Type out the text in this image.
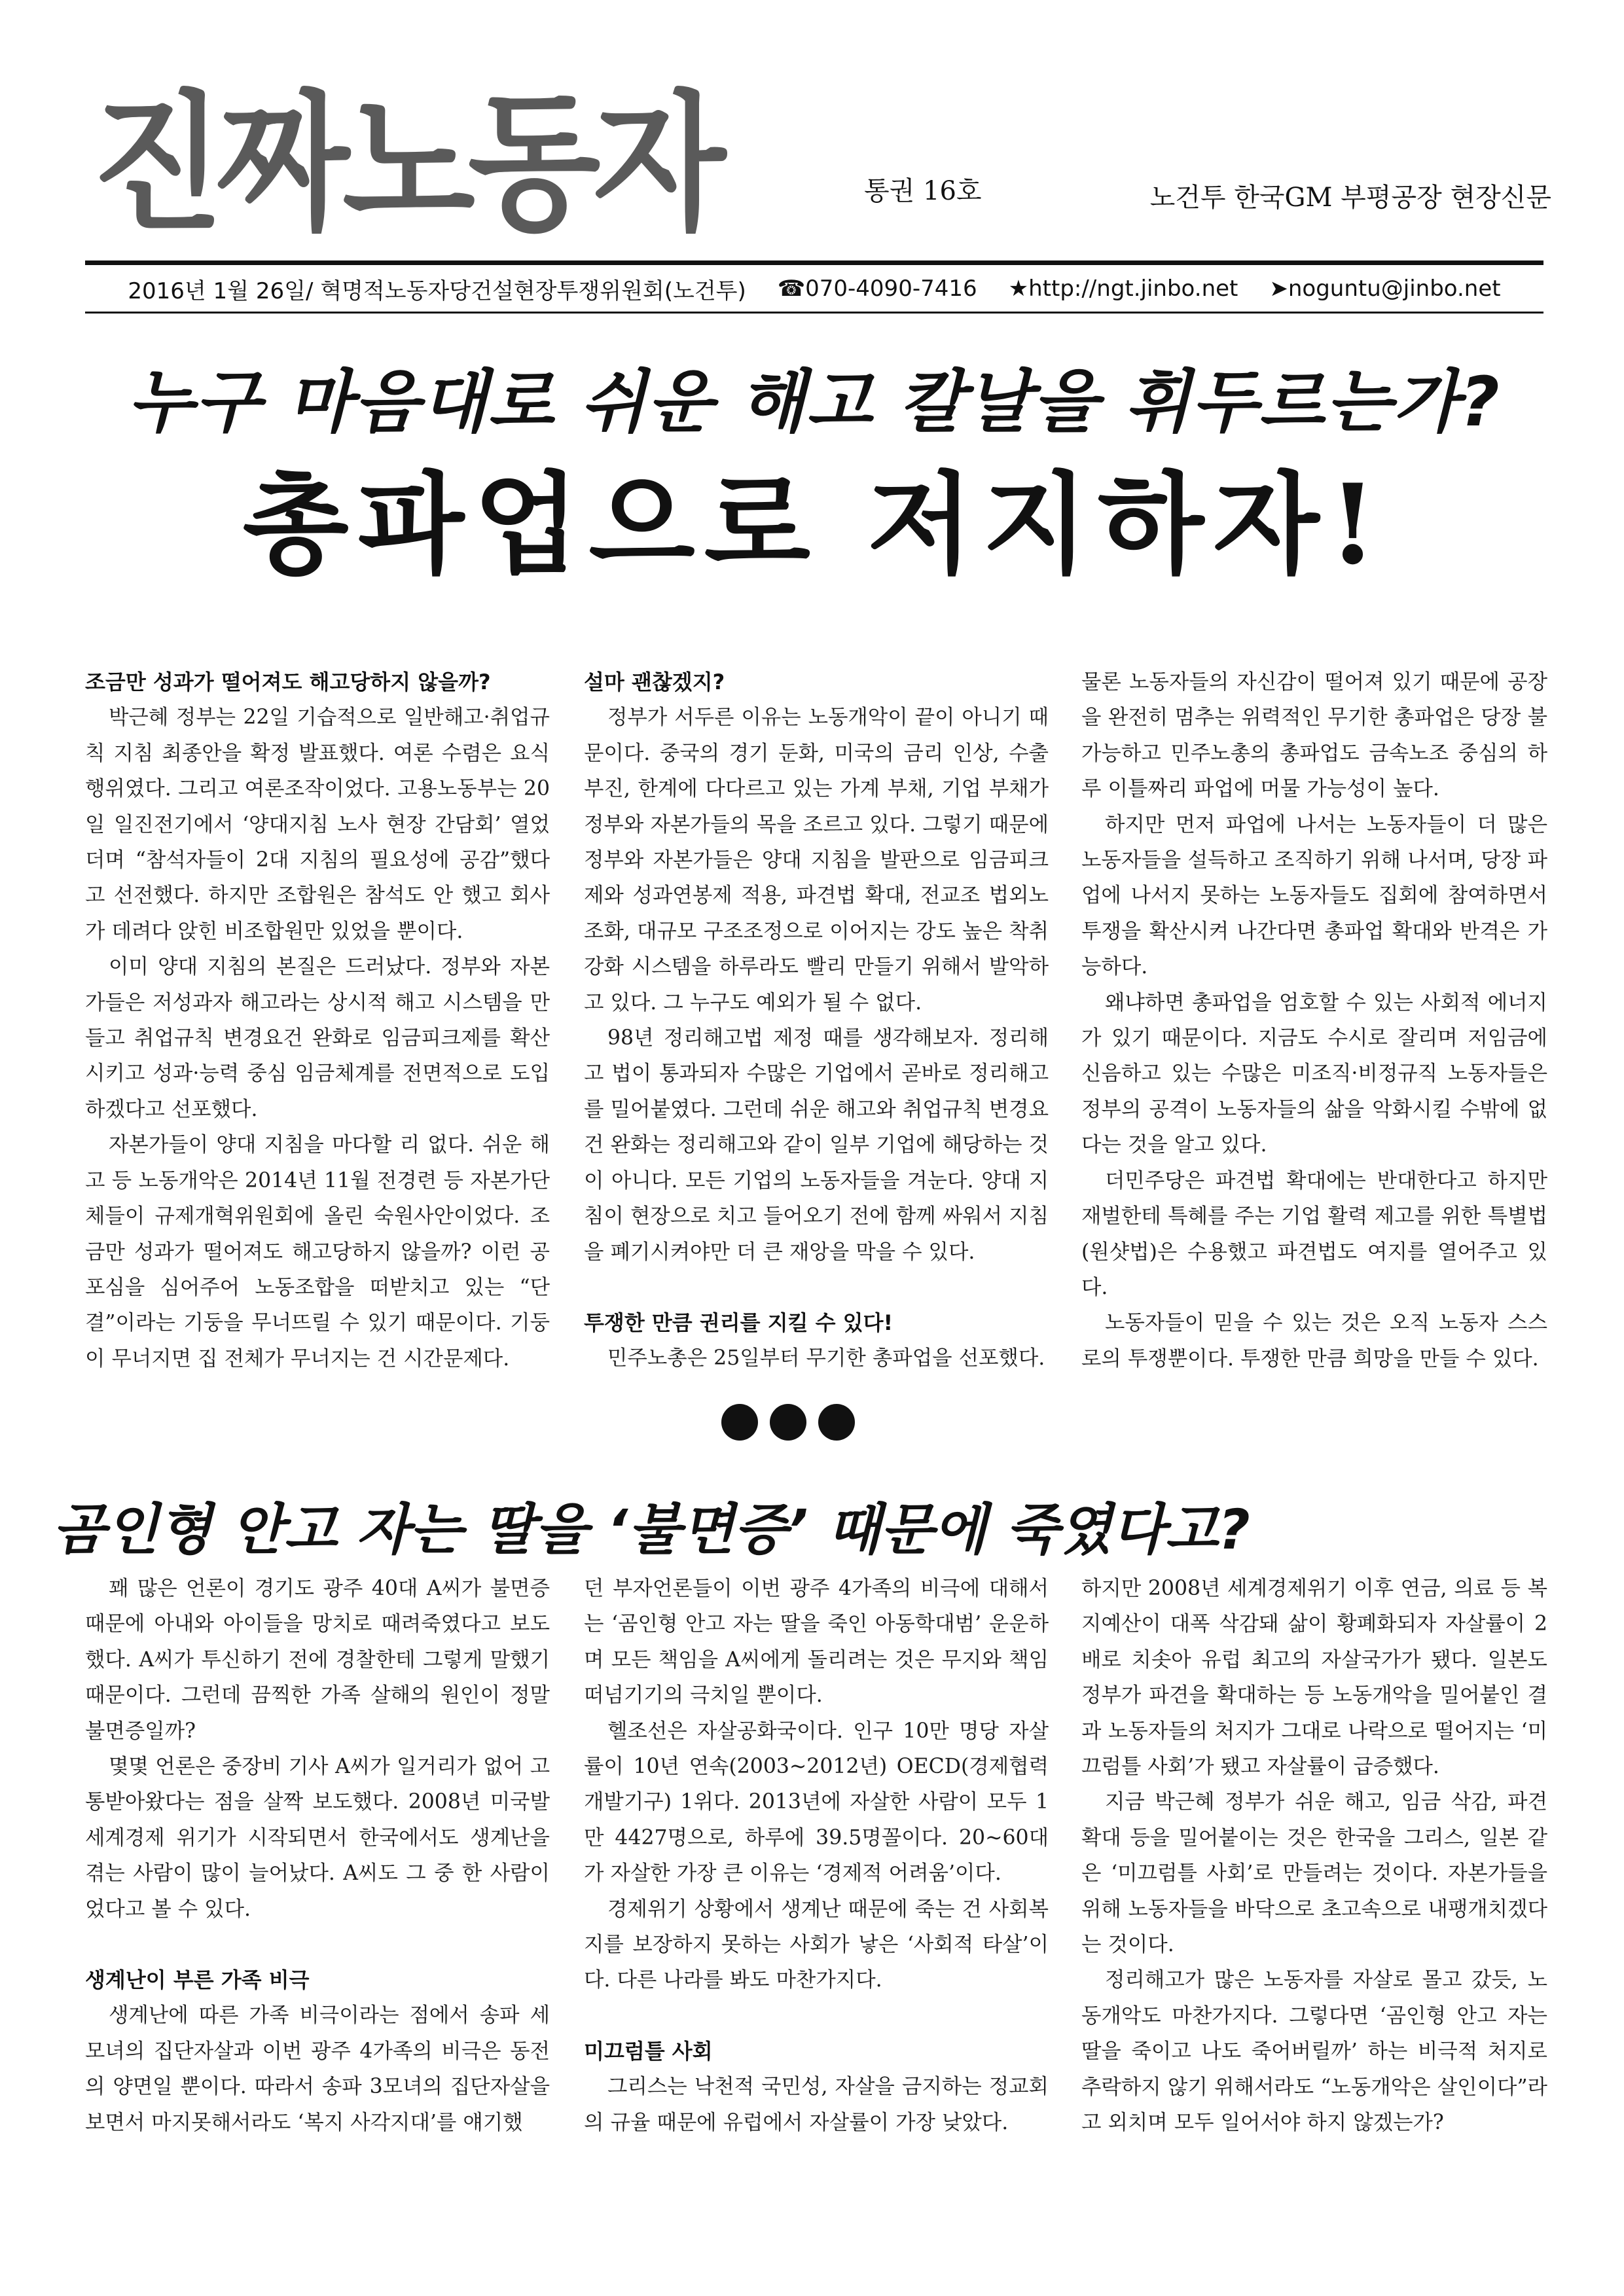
진짜노동자	통권 16호	노건투 한국GM 부평공장 현장신문
2016년 1월 26일/ 혁명적노동자당건설현장투쟁위원회(노건투) ☎070-4090-7416 ★http://ngt.jinbo.net ➤noguntu@jinbo.net
누구 마음대로 쉬운 해고 칼날을 휘두르는가?
총파업으로 저지하자!
조금만 성과가 떨어져도 해고당하지 않을까?

박근혜 정부는 22일 기습적으로 일반해고·취업규칙 지침 최종안을 확정 발표했다. 여론 수렴은 요식 행위였다. 그리고 여론조작이었다. 고용노동부는 20일 일진전기에서 ‘양대지침 노사 현장 간담회’ 열었더며 “참석자들이 2대 지침의 필요성에 공감”했다고 선전했다. 하지만 조합원은 참석도 안 했고 회사가 데려다 앉힌 비조합원만 있었을 뿐이다.

이미 양대 지침의 본질은 드러났다. 정부와 자본가들은 저성과자 해고라는 상시적 해고 시스템을 만들고 취업규칙 변경요건 완화로 임금피크제를 확산시키고 성과·능력 중심 임금체계를 전면적으로 도입하겠다고 선포했다.

자본가들이 양대 지침을 마다할 리 없다. 쉬운 해고 등 노동개악은 2014년 11월 전경련 등 자본가단체들이 규제개혁위원회에 올린 숙원사안이었다. 조금만 성과가 떨어져도 해고당하지 않을까? 이런 공포심을 심어주어 노동조합을 떠받치고 있는 “단결”이라는 기둥을 무너뜨릴 수 있기 때문이다. 기둥이 무너지면 집 전체가 무너지는 건 시간문제다.

설마 괜찮겠지?

정부가 서두른 이유는 노동개악이 끝이 아니기 때문이다. 중국의 경기 둔화, 미국의 금리 인상, 수출 부진, 한계에 다다르고 있는 가계 부채, 기업 부채가 정부와 자본가들의 목을 조르고 있다. 그렇기 때문에 정부와 자본가들은 양대 지침을 발판으로 임금피크제와 성과연봉제 적용, 파견법 확대, 전교조 법외노조화, 대규모 구조조정으로 이어지는 강도 높은 착취강화 시스템을 하루라도 빨리 만들기 위해서 발악하고 있다. 그 누구도 예외가 될 수 없다.

98년 정리해고법 제정 때를 생각해보자. 정리해고 법이 통과되자 수많은 기업에서 곧바로 정리해고를 밀어붙였다. 그런데 쉬운 해고와 취업규칙 변경요건 완화는 정리해고와 같이 일부 기업에 해당하는 것이 아니다. 모든 기업의 노동자들을 겨눈다. 양대 지침이 현장으로 치고 들어오기 전에 함께 싸워서 지침을 폐기시켜야만 더 큰 재앙을 막을 수 있다.

투쟁한 만큼 권리를 지킬 수 있다!

민주노총은 25일부터 무기한 총파업을 선포했다.

물론 노동자들의 자신감이 떨어져 있기 때문에 공장을 완전히 멈추는 위력적인 무기한 총파업은 당장 불가능하고 민주노총의 총파업도 금속노조 중심의 하루 이틀짜리 파업에 머물 가능성이 높다.

하지만 먼저 파업에 나서는 노동자들이 더 많은 노동자들을 설득하고 조직하기 위해 나서며, 당장 파업에 나서지 못하는 노동자들도 집회에 참여하면서 투쟁을 확산시켜 나간다면 총파업 확대와 반격은 가능하다.

왜냐하면 총파업을 엄호할 수 있는 사회적 에너지가 있기 때문이다. 지금도 수시로 잘리며 저임금에 신음하고 있는 수많은 미조직·비정규직 노동자들은 정부의 공격이 노동자들의 삶을 악화시킬 수밖에 없다는 것을 알고 있다.

더민주당은 파견법 확대에는 반대한다고 하지만 재벌한테 특혜를 주는 기업 활력 제고를 위한 특별법(원샷법)은 수용했고 파견법도 여지를 열어주고 있다.

노동자들이 믿을 수 있는 것은 오직 노동자 스스로의 투쟁뿐이다. 투쟁한 만큼 희망을 만들 수 있다.

곰인형 안고 자는 딸을 ‘불면증’ 때문에 죽였다고?

꽤 많은 언론이 경기도 광주 40대 A씨가 불면증 때문에 아내와 아이들을 망치로 때려죽였다고 보도했다. A씨가 투신하기 전에 경찰한테 그렇게 말했기 때문이다. 그런데 끔찍한 가족 살해의 원인이 정말 불면증일까?

몇몇 언론은 중장비 기사 A씨가 일거리가 없어 고통받아왔다는 점을 살짝 보도했다. 2008년 미국발 세계경제 위기가 시작되면서 한국에서도 생계난을 겪는 사람이 많이 늘어났다. A씨도 그 중 한 사람이었다고 볼 수 있다.

생계난이 부른 가족 비극

생계난에 따른 가족 비극이라는 점에서 송파 세 모녀의 집단자살과 이번 광주 4가족의 비극은 동전의 양면일 뿐이다. 따라서 송파 3모녀의 집단자살을 보면서 마지못해서라도 ‘복지 사각지대’를 얘기했

던 부자언론들이 이번 광주 4가족의 비극에 대해서는 ‘곰인형 안고 자는 딸을 죽인 아동학대범’ 운운하며 모든 책임을 A씨에게 돌리려는 것은 무지와 책임 떠넘기기의 극치일 뿐이다.

헬조선은 자살공화국이다. 인구 10만 명당 자살률이 10년 연속(2003~2012년) OECD(경제협력개발기구) 1위다. 2013년에 자살한 사람이 모두 1만 4427명으로, 하루에 39.5명꼴이다. 20~60대가 자살한 가장 큰 이유는 ‘경제적 어려움’이다.

경제위기 상황에서 생계난 때문에 죽는 건 사회복지를 보장하지 못하는 사회가 낳은 ‘사회적 타살’이다. 다른 나라를 봐도 마찬가지다.

미끄럼틀 사회

그리스는 낙천적 국민성, 자살을 금지하는 정교회의 규율 때문에 유럽에서 자살률이 가장 낮았다.

하지만 2008년 세계경제위기 이후 연금, 의료 등 복지예산이 대폭 삭감돼 삶이 황폐화되자 자살률이 2배로 치솟아 유럽 최고의 자살국가가 됐다. 일본도 정부가 파견을 확대하는 등 노동개악을 밀어붙인 결과 노동자들의 처지가 그대로 나락으로 떨어지는 ‘미끄럼틀 사회’가 됐고 자살률이 급증했다.

지금 박근혜 정부가 쉬운 해고, 임금 삭감, 파견 확대 등을 밀어붙이는 것은 한국을 그리스, 일본 같은 ‘미끄럼틀 사회’로 만들려는 것이다. 자본가들을 위해 노동자들을 바닥으로 초고속으로 내팽개치겠다는 것이다.

정리해고가 많은 노동자를 자살로 몰고 갔듯, 노동개악도 마찬가지다. 그렇다면 ‘곰인형 안고 자는 딸을 죽이고 나도 죽어버릴까’ 하는 비극적 처지로 추락하지 않기 위해서라도 “노동개악은 살인이다”라고 외치며 모두 일어서야 하지 않겠는가?
